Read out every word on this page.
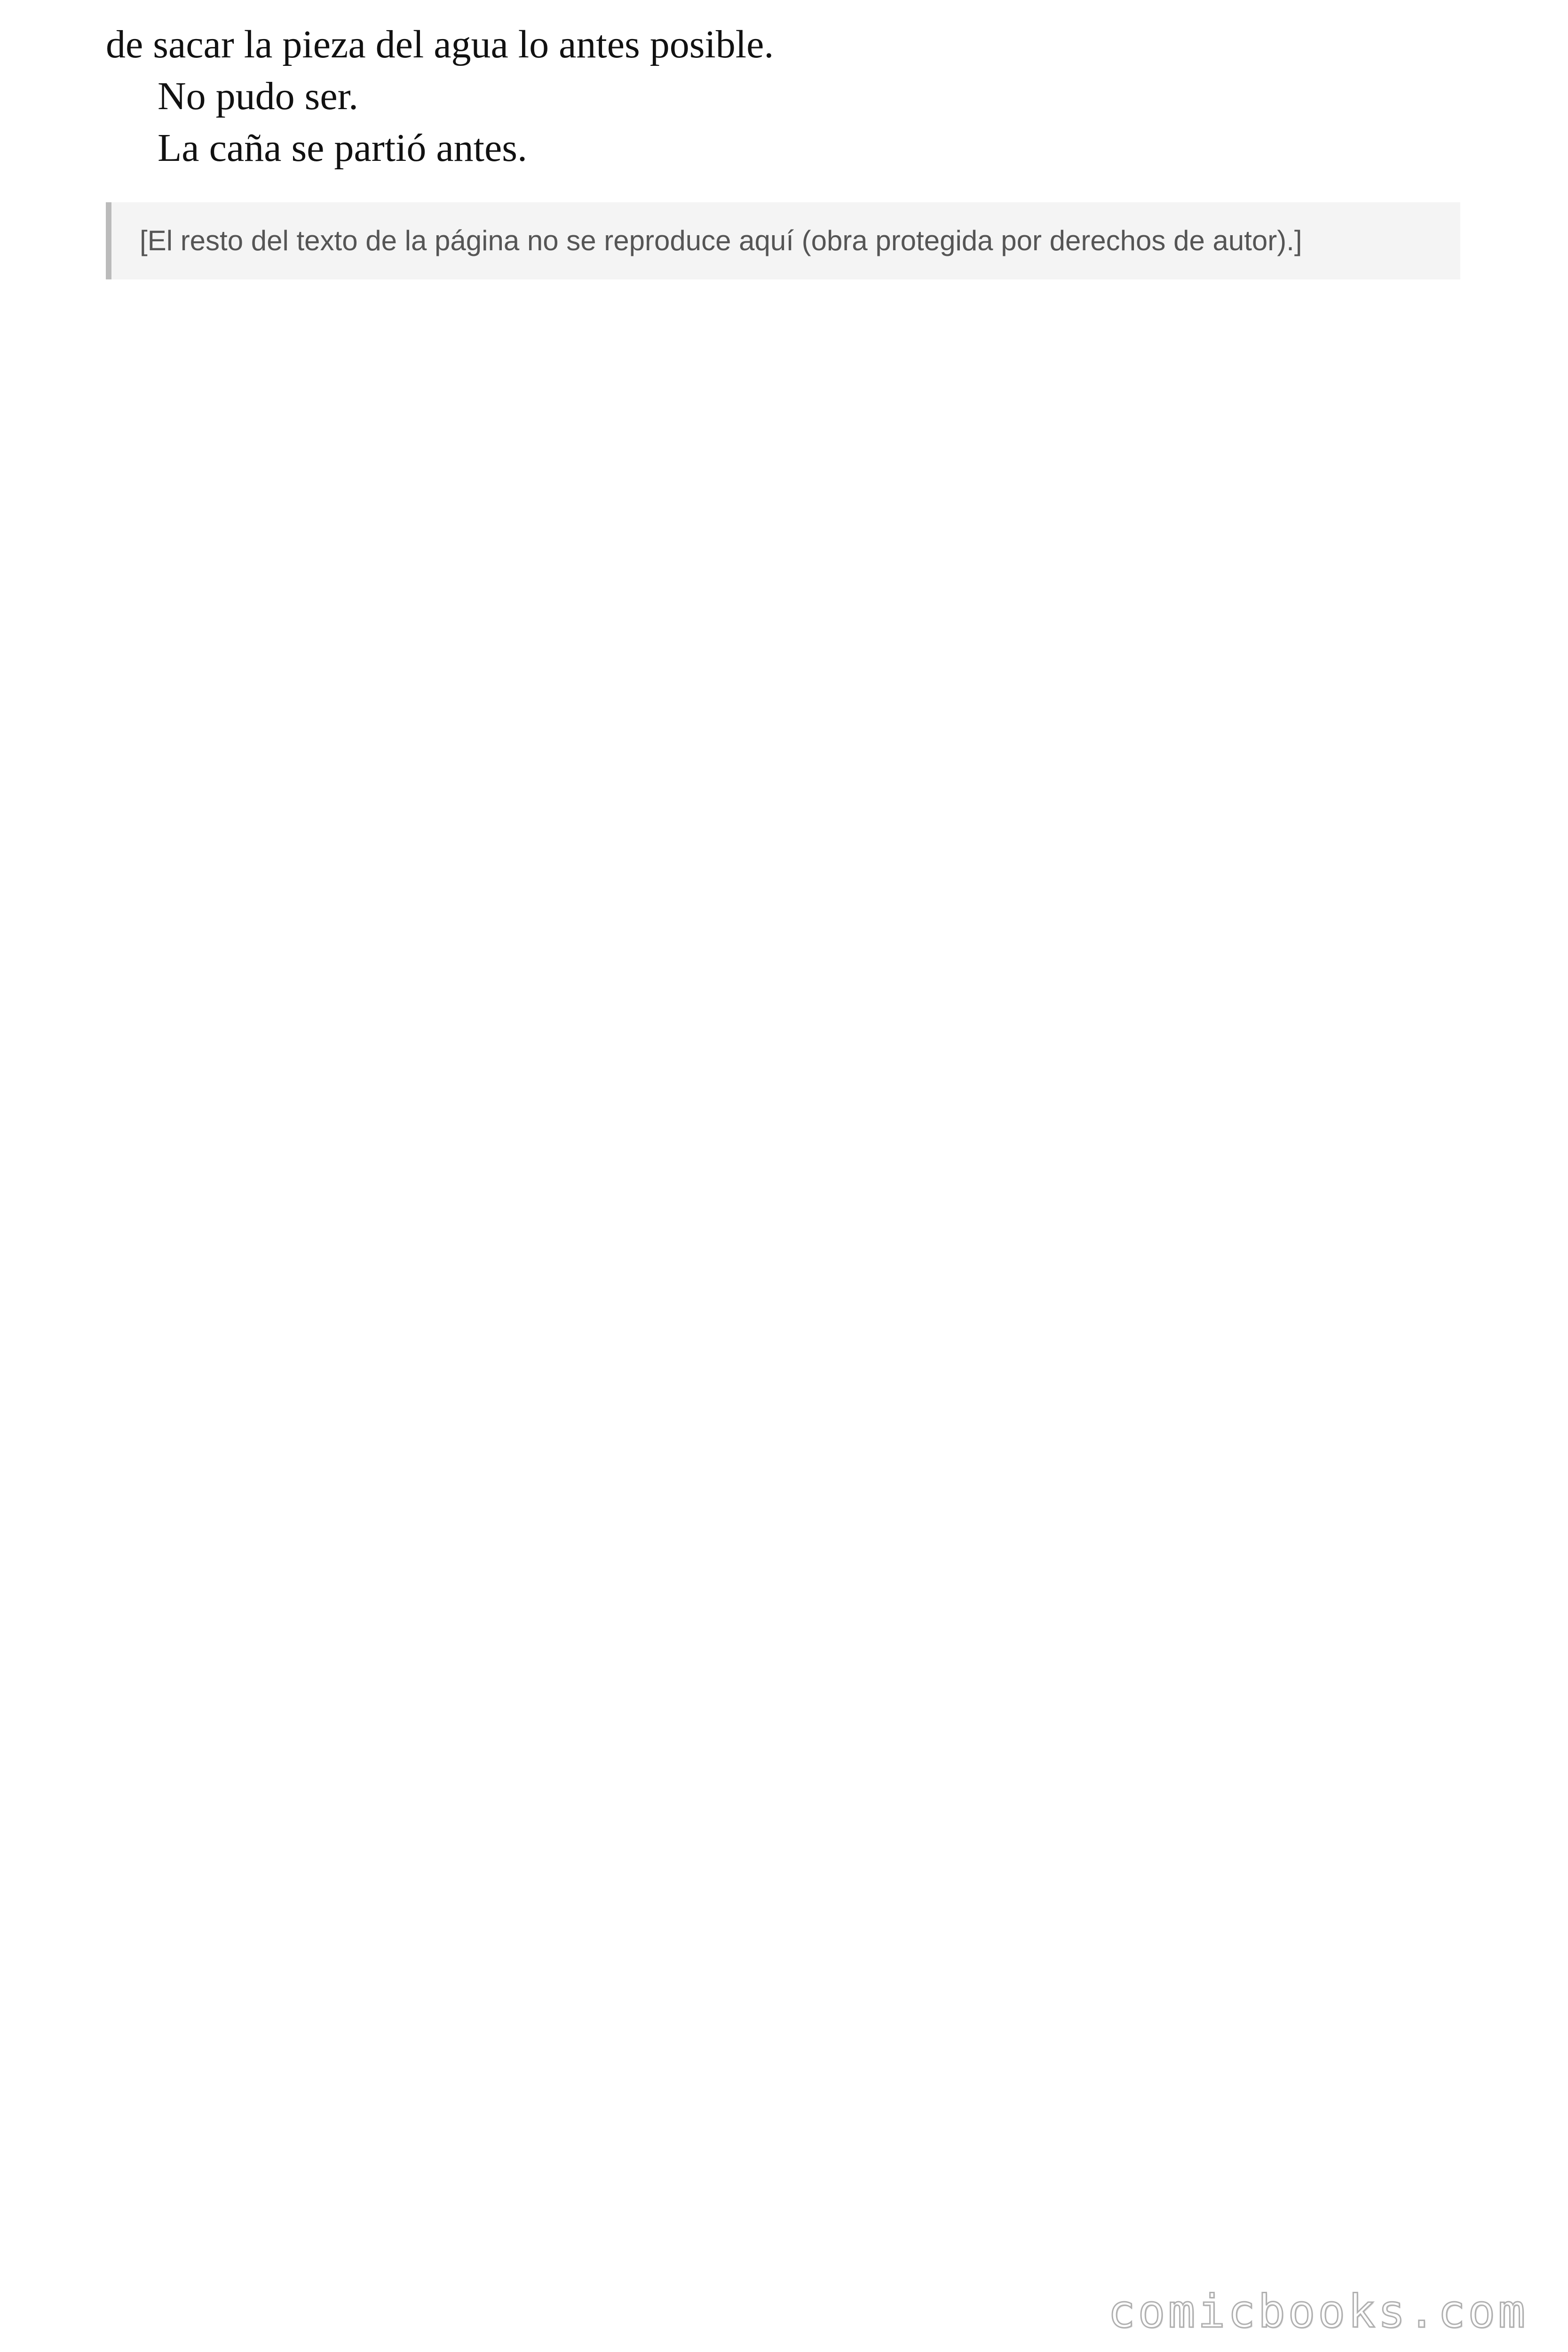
de sacar la pieza del agua lo antes posible.

No pudo ser.

La caña se partió antes.

[El resto del texto de la página no se reproduce aquí (obra protegida por derechos de autor).]
comicbooks.com
